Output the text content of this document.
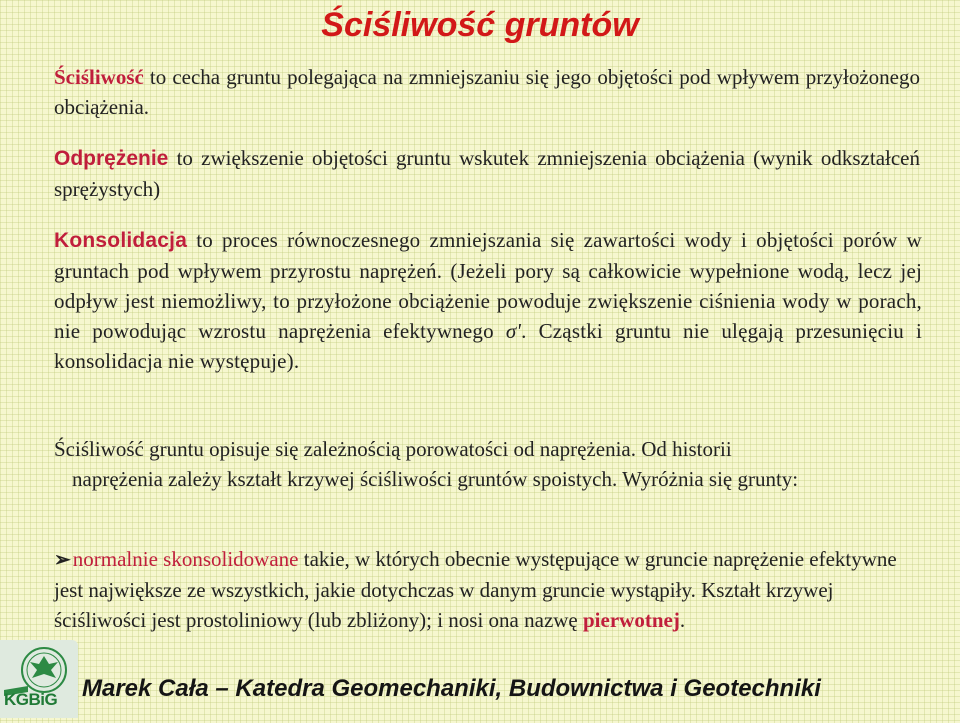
Ściśliwość gruntów
Ściśliwość to cecha gruntu polegająca na zmniejszaniu się jego objętości pod wpływem przyłożonego obciążenia.
Odprężenie to zwiększenie objętości gruntu wskutek zmniejszenia obciążenia (wynik odkształceń sprężystych)
Konsolidacja to proces równoczesnego zmniejszania się zawartości wody i objętości porów w gruntach pod wpływem przyrostu naprężeń. (Jeżeli pory są całkowicie wypełnione wodą, lecz jej odpływ jest niemożliwy, to przyłożone obciążenie powoduje zwiększenie ciśnienia wody w porach, nie powodując wzrostu naprężenia efektywnego σ'. Cząstki gruntu nie ulęgają przesunięciu i konsolidacja nie występuje).
Ściśliwość gruntu opisuje się zależnością porowatości od naprężenia. Od historii
naprężenia zależy kształt krzywej ściśliwości gruntów spoistych. Wyróżnia się grunty:
➢normalnie skonsolidowane takie, w których obecnie występujące w gruncie naprężenie efektywne jest największe ze wszystkich, jakie dotychczas w danym gruncie wystąpiły. Kształt krzywej ściśliwości jest prostoliniowy (lub zbliżony); i nosi ona nazwę pierwotnej.
KGBiG Marek Cała – Katedra Geomechaniki, Budownictwa i Geotechniki
